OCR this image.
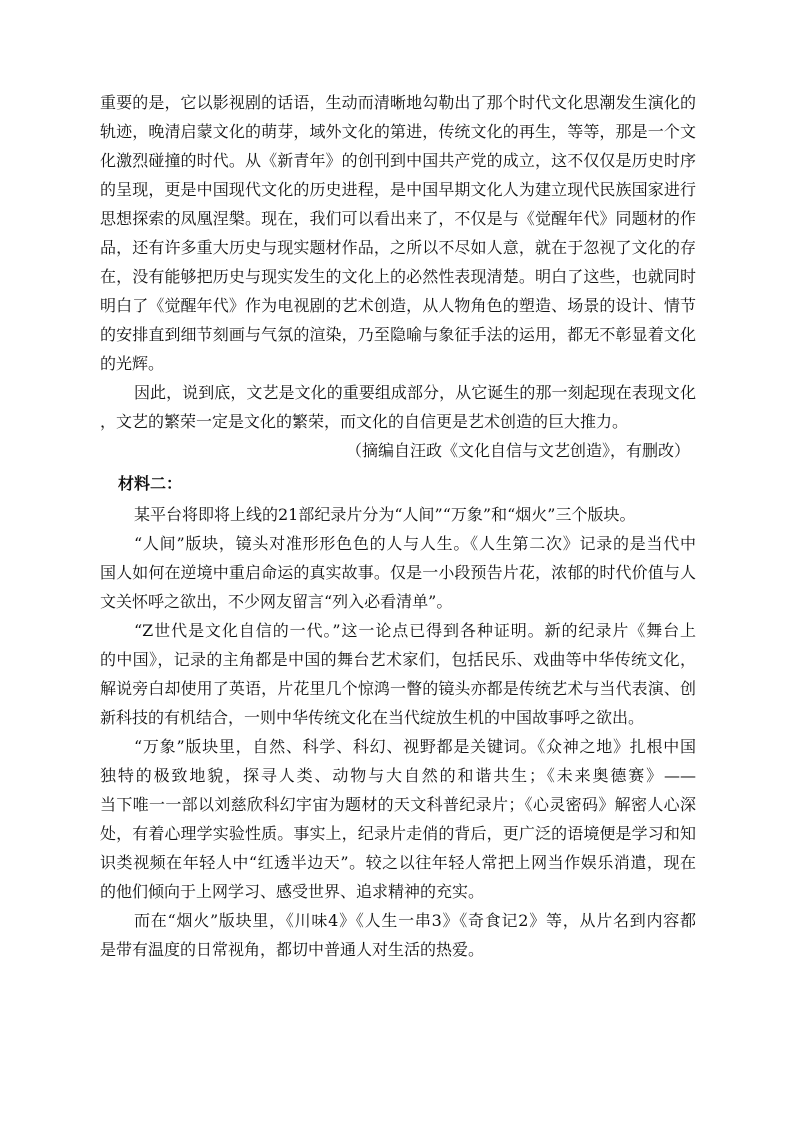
重要的是，它以影视剧的话语，生动而清晰地勾勒出了那个时代文化思潮发生演化的
轨迹，晚清启蒙文化的萌芽，域外文化的第进，传统文化的再生，等等，那是一个文
化激烈碰撞的时代。从《新青年》的创刊到中国共产党的成立，这不仅仅是历史时序
的呈现，更是中国现代文化的历史进程，是中国早期文化人为建立现代民族国家进行
思想探索的凤凰涅槃。现在，我们可以看出来了，不仅是与《觉醒年代》同题材的作
品，还有许多重大历史与现实题材作品，之所以不尽如人意，就在于忽视了文化的存
在，没有能够把历史与现实发生的文化上的必然性表现清楚。明白了这些，也就同时
明白了《觉醒年代》作为电视剧的艺术创造，从人物角色的塑造、场景的设计、情节
的安排直到细节刻画与气氛的渲染，乃至隐喻与象征手法的运用，都无不彰显着文化
的光辉。
因此，说到底，文艺是文化的重要组成部分，从它诞生的那一刻起现在表现文化
，文艺的繁荣一定是文化的繁荣，而文化的自信更是艺术创造的巨大推力。
（摘编自汪政《文化自信与文艺创造》，有删改）
材料二：
某平台将即将上线的21部纪录片分为“人间”“万象”和“烟火”三个版块。
“人间”版块，镜头对准形形色色的人与人生。《人生第二次》记录的是当代中
国人如何在逆境中重启命运的真实故事。仅是一小段预告片花，浓郁的时代价值与人
文关怀呼之欲出，不少网友留言“列入必看清单”。
“Z世代是文化自信的一代。”这一论点已得到各种证明。新的纪录片《舞台上
的中国》，记录的主角都是中国的舞台艺术家们，包括民乐、戏曲等中华传统文化，
解说旁白却使用了英语，片花里几个惊鸿一瞥的镜头亦都是传统艺术与当代表演、创
新科技的有机结合，一则中华传统文化在当代绽放生机的中国故事呼之欲出。
“万象”版块里，自然、科学、科幻、视野都是关键词。《众神之地》扎根中国
独特的极致地貌，探寻人类、动物与大自然的和谐共生；《未来奥德赛》——
当下唯一一部以刘慈欣科幻宇宙为题材的天文科普纪录片；《心灵密码》解密人心深
处，有着心理学实验性质。事实上，纪录片走俏的背后，更广泛的语境便是学习和知
识类视频在年轻人中“红透半边天”。较之以往年轻人常把上网当作娱乐消遣，现在
的他们倾向于上网学习、感受世界、追求精神的充实。
而在“烟火”版块里，《川味4》《人生一串3》《奇食记2》等，从片名到内容都
是带有温度的日常视角，都切中普通人对生活的热爱。
